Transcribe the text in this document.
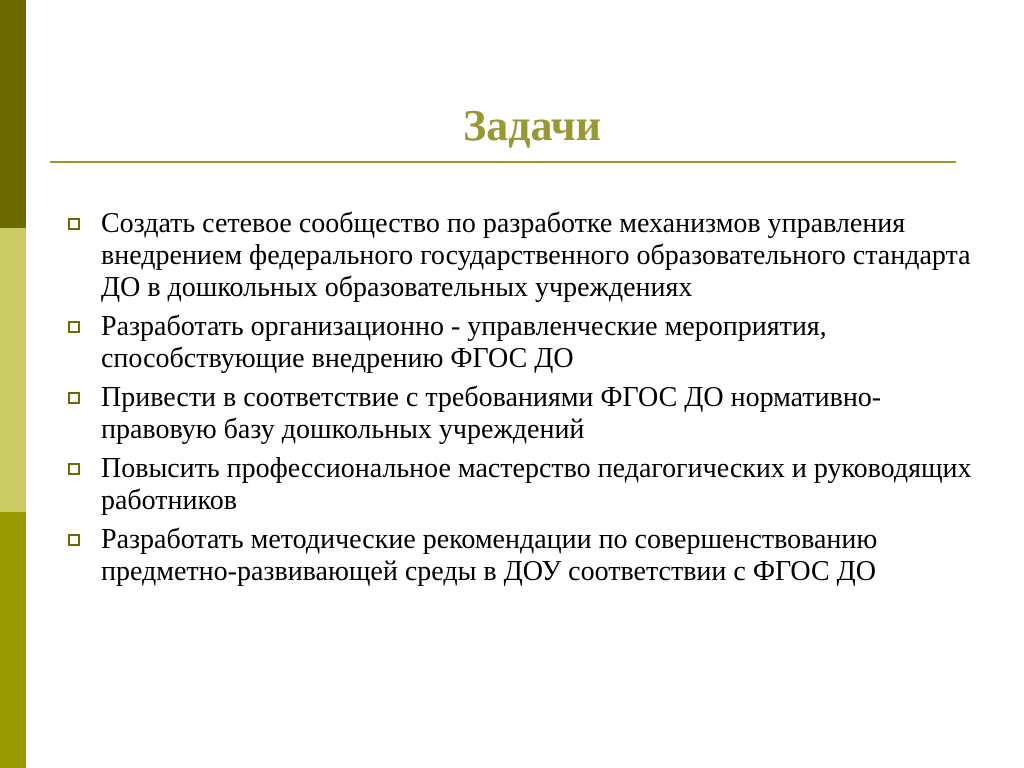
Задачи
Создать сетевое сообщество по разработке механизмов управления внедрением федерального государственного образовательного стандарта ДО в дошкольных образовательных учреждениях
Разработать организационно - управленческие мероприятия, способствующие внедрению ФГОС ДО
Привести в соответствие с требованиями ФГОС ДО нормативно-правовую базу дошкольных учреждений
Повысить профессиональное мастерство педагогических и руководящих работников
Разработать методические рекомендации по совершенствованию предметно-развивающей среды в ДОУ соответствии с ФГОС ДО
